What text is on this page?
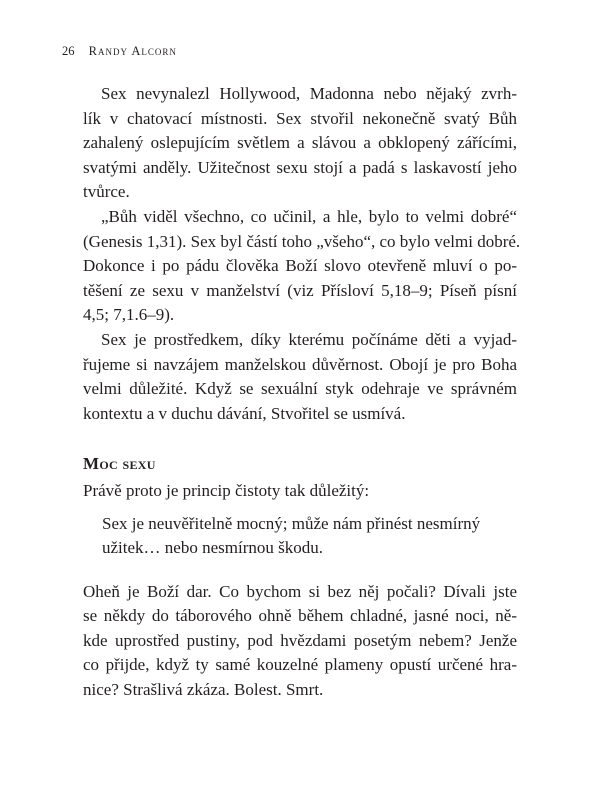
26 Randy Alcorn
Sex nevynalezl Hollywood, Madonna nebo nějaký zvrh-
lík v chatovací místnosti. Sex stvořil nekonečně svatý Bůh
zahalený oslepujícím světlem a slávou a obklopený zářícími,
svatými anděly. Užitečnost sexu stojí a padá s laskavostí jeho
tvůrce.
„Bůh viděl všechno, co učinil, a hle, bylo to velmi dobré“
(Genesis 1,31). Sex byl částí toho „všeho“, co bylo velmi dobré.
Dokonce i po pádu člověka Boží slovo otevřeně mluví o po-
těšení ze sexu v manželství (viz Přísloví 5,18–9; Píseň písní
4,5; 7,1.6–9).
Sex je prostředkem, díky kterému počínáme děti a vyjad-
řujeme si navzájem manželskou důvěrnost. Obojí je pro Boha
velmi důležité. Když se sexuální styk odehraje ve správném
kontextu a v duchu dávání, Stvořitel se usmívá.
Moc sexu
Právě proto je princip čistoty tak důležitý:
Sex je neuvěřitelně mocný; může nám přinést nesmírný
užitek… nebo nesmírnou škodu.
Oheň je Boží dar. Co bychom si bez něj počali? Dívali jste
se někdy do táborového ohně během chladné, jasné noci, ně-
kde uprostřed pustiny, pod hvězdami posetým nebem? Jenže
co přijde, když ty samé kouzelné plameny opustí určené hra-
nice? Strašlivá zkáza. Bolest. Smrt.
